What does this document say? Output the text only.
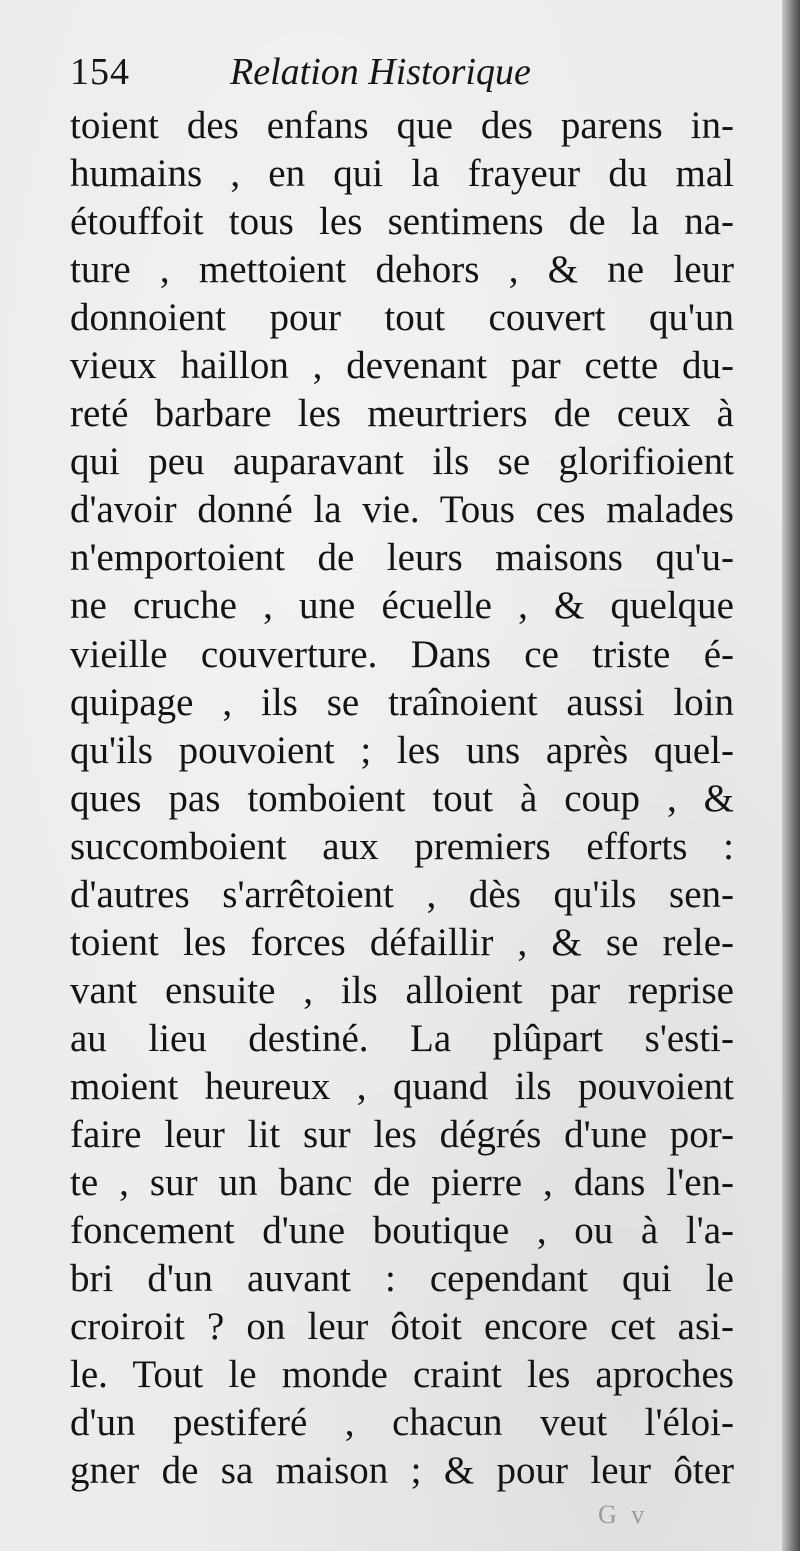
154	Relation Historique
toient des enfans que des parens in-
humains , en qui la frayeur du mal
étouffoit tous les sentimens de la na-
ture , mettoient dehors , & ne leur
donnoient pour tout couvert qu'un
vieux haillon , devenant par cette du-
reté barbare les meurtriers de ceux à
qui peu auparavant ils se glorifioient
d'avoir donné la vie. Tous ces malades
n'emportoient de leurs maisons qu'u-
ne cruche , une écuelle , & quelque
vieille couverture. Dans ce triste é-
quipage , ils se traînoient aussi loin
qu'ils pouvoient ; les uns après quel-
ques pas tomboient tout à coup , &
succomboient aux premiers efforts :
d'autres s'arrêtoient , dès qu'ils sen-
toient les forces défaillir , & se rele-
vant ensuite , ils alloient par reprise
au lieu destiné. La plûpart s'esti-
moient heureux , quand ils pouvoient
faire leur lit sur les dégrés d'une por-
te , sur un banc de pierre , dans l'en-
foncement d'une boutique , ou à l'a-
bri d'un auvant : cependant qui le
croiroit ? on leur ôtoit encore cet asi-
le. Tout le monde craint les aproches
d'un pestiferé , chacun veut l'éloi-
gner de sa maison ; & pour leur ôter
G v
